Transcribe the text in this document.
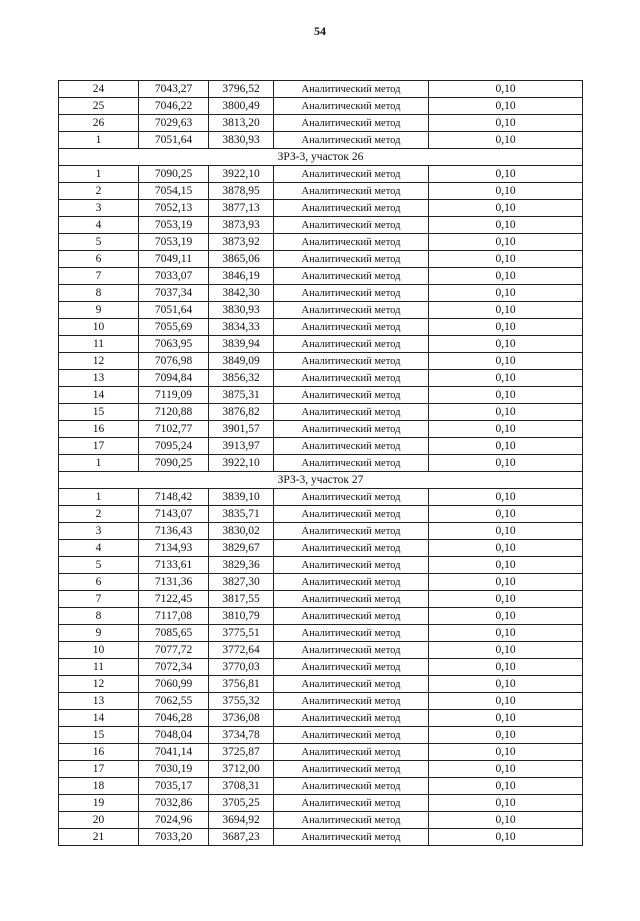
54
24	7043,27	3796,52	Аналитический метод	0,10
25	7046,22	3800,49	Аналитический метод	0,10
26	7029,63	3813,20	Аналитический метод	0,10
1	7051,64	3830,93	Аналитический метод	0,10
ЗРЗ-3, участок 26				
1	7090,25	3922,10	Аналитический метод	0,10
2	7054,15	3878,95	Аналитический метод	0,10
3	7052,13	3877,13	Аналитический метод	0,10
4	7053,19	3873,93	Аналитический метод	0,10
5	7053,19	3873,92	Аналитический метод	0,10
6	7049,11	3865,06	Аналитический метод	0,10
7	7033,07	3846,19	Аналитический метод	0,10
8	7037,34	3842,30	Аналитический метод	0,10
9	7051,64	3830,93	Аналитический метод	0,10
10	7055,69	3834,33	Аналитический метод	0,10
11	7063,95	3839,94	Аналитический метод	0,10
12	7076,98	3849,09	Аналитический метод	0,10
13	7094,84	3856,32	Аналитический метод	0,10
14	7119,09	3875,31	Аналитический метод	0,10
15	7120,88	3876,82	Аналитический метод	0,10
16	7102,77	3901,57	Аналитический метод	0,10
17	7095,24	3913,97	Аналитический метод	0,10
1	7090,25	3922,10	Аналитический метод	0,10
ЗРЗ-3, участок 27				
1	7148,42	3839,10	Аналитический метод	0,10
2	7143,07	3835,71	Аналитический метод	0,10
3	7136,43	3830,02	Аналитический метод	0,10
4	7134,93	3829,67	Аналитический метод	0,10
5	7133,61	3829,36	Аналитический метод	0,10
6	7131,36	3827,30	Аналитический метод	0,10
7	7122,45	3817,55	Аналитический метод	0,10
8	7117,08	3810,79	Аналитический метод	0,10
9	7085,65	3775,51	Аналитический метод	0,10
10	7077,72	3772,64	Аналитический метод	0,10
11	7072,34	3770,03	Аналитический метод	0,10
12	7060,99	3756,81	Аналитический метод	0,10
13	7062,55	3755,32	Аналитический метод	0,10
14	7046,28	3736,08	Аналитический метод	0,10
15	7048,04	3734,78	Аналитический метод	0,10
16	7041,14	3725,87	Аналитический метод	0,10
17	7030,19	3712,00	Аналитический метод	0,10
18	7035,17	3708,31	Аналитический метод	0,10
19	7032,86	3705,25	Аналитический метод	0,10
20	7024,96	3694,92	Аналитический метод	0,10
21	7033,20	3687,23	Аналитический метод	0,10
